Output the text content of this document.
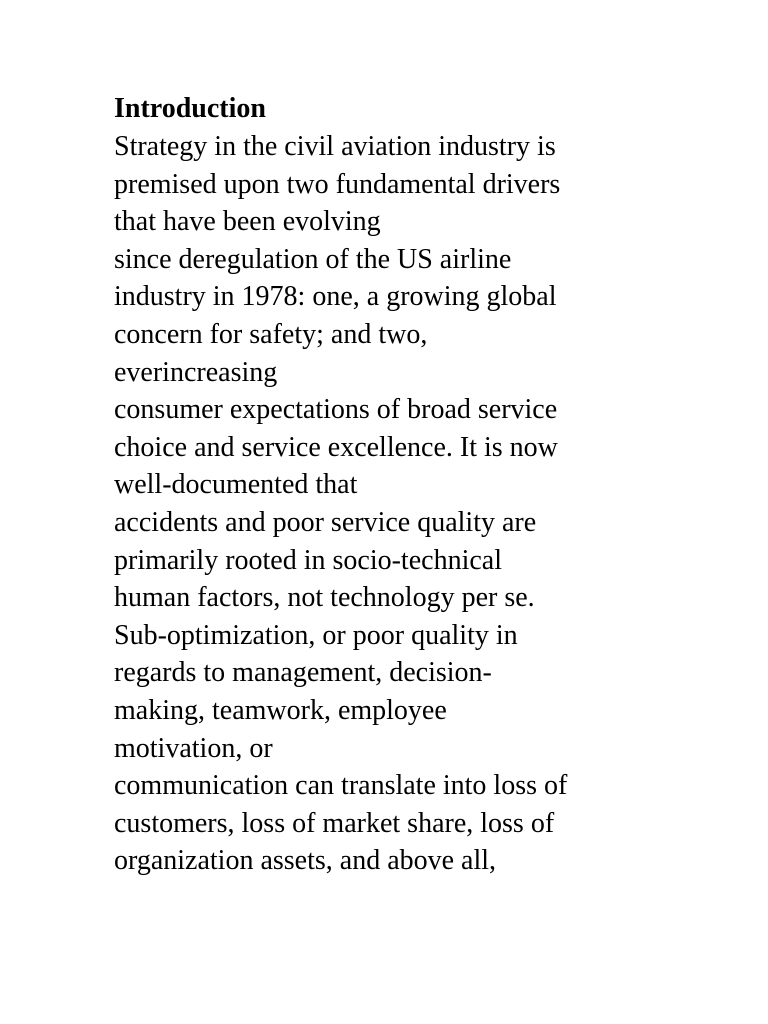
Introduction
Strategy in the civil aviation industry is
premised upon two fundamental drivers
that have been evolving
since deregulation of the US airline
industry in 1978: one, a growing global
concern for safety; and two,
everincreasing
consumer expectations of broad service
choice and service excellence. It is now
well-documented that
accidents and poor service quality are
primarily rooted in socio-technical
human factors, not technology per se.
Sub-optimization, or poor quality in
regards to management, decision-
making, teamwork, employee
motivation, or
communication can translate into loss of
customers, loss of market share, loss of
organization assets, and above all,
